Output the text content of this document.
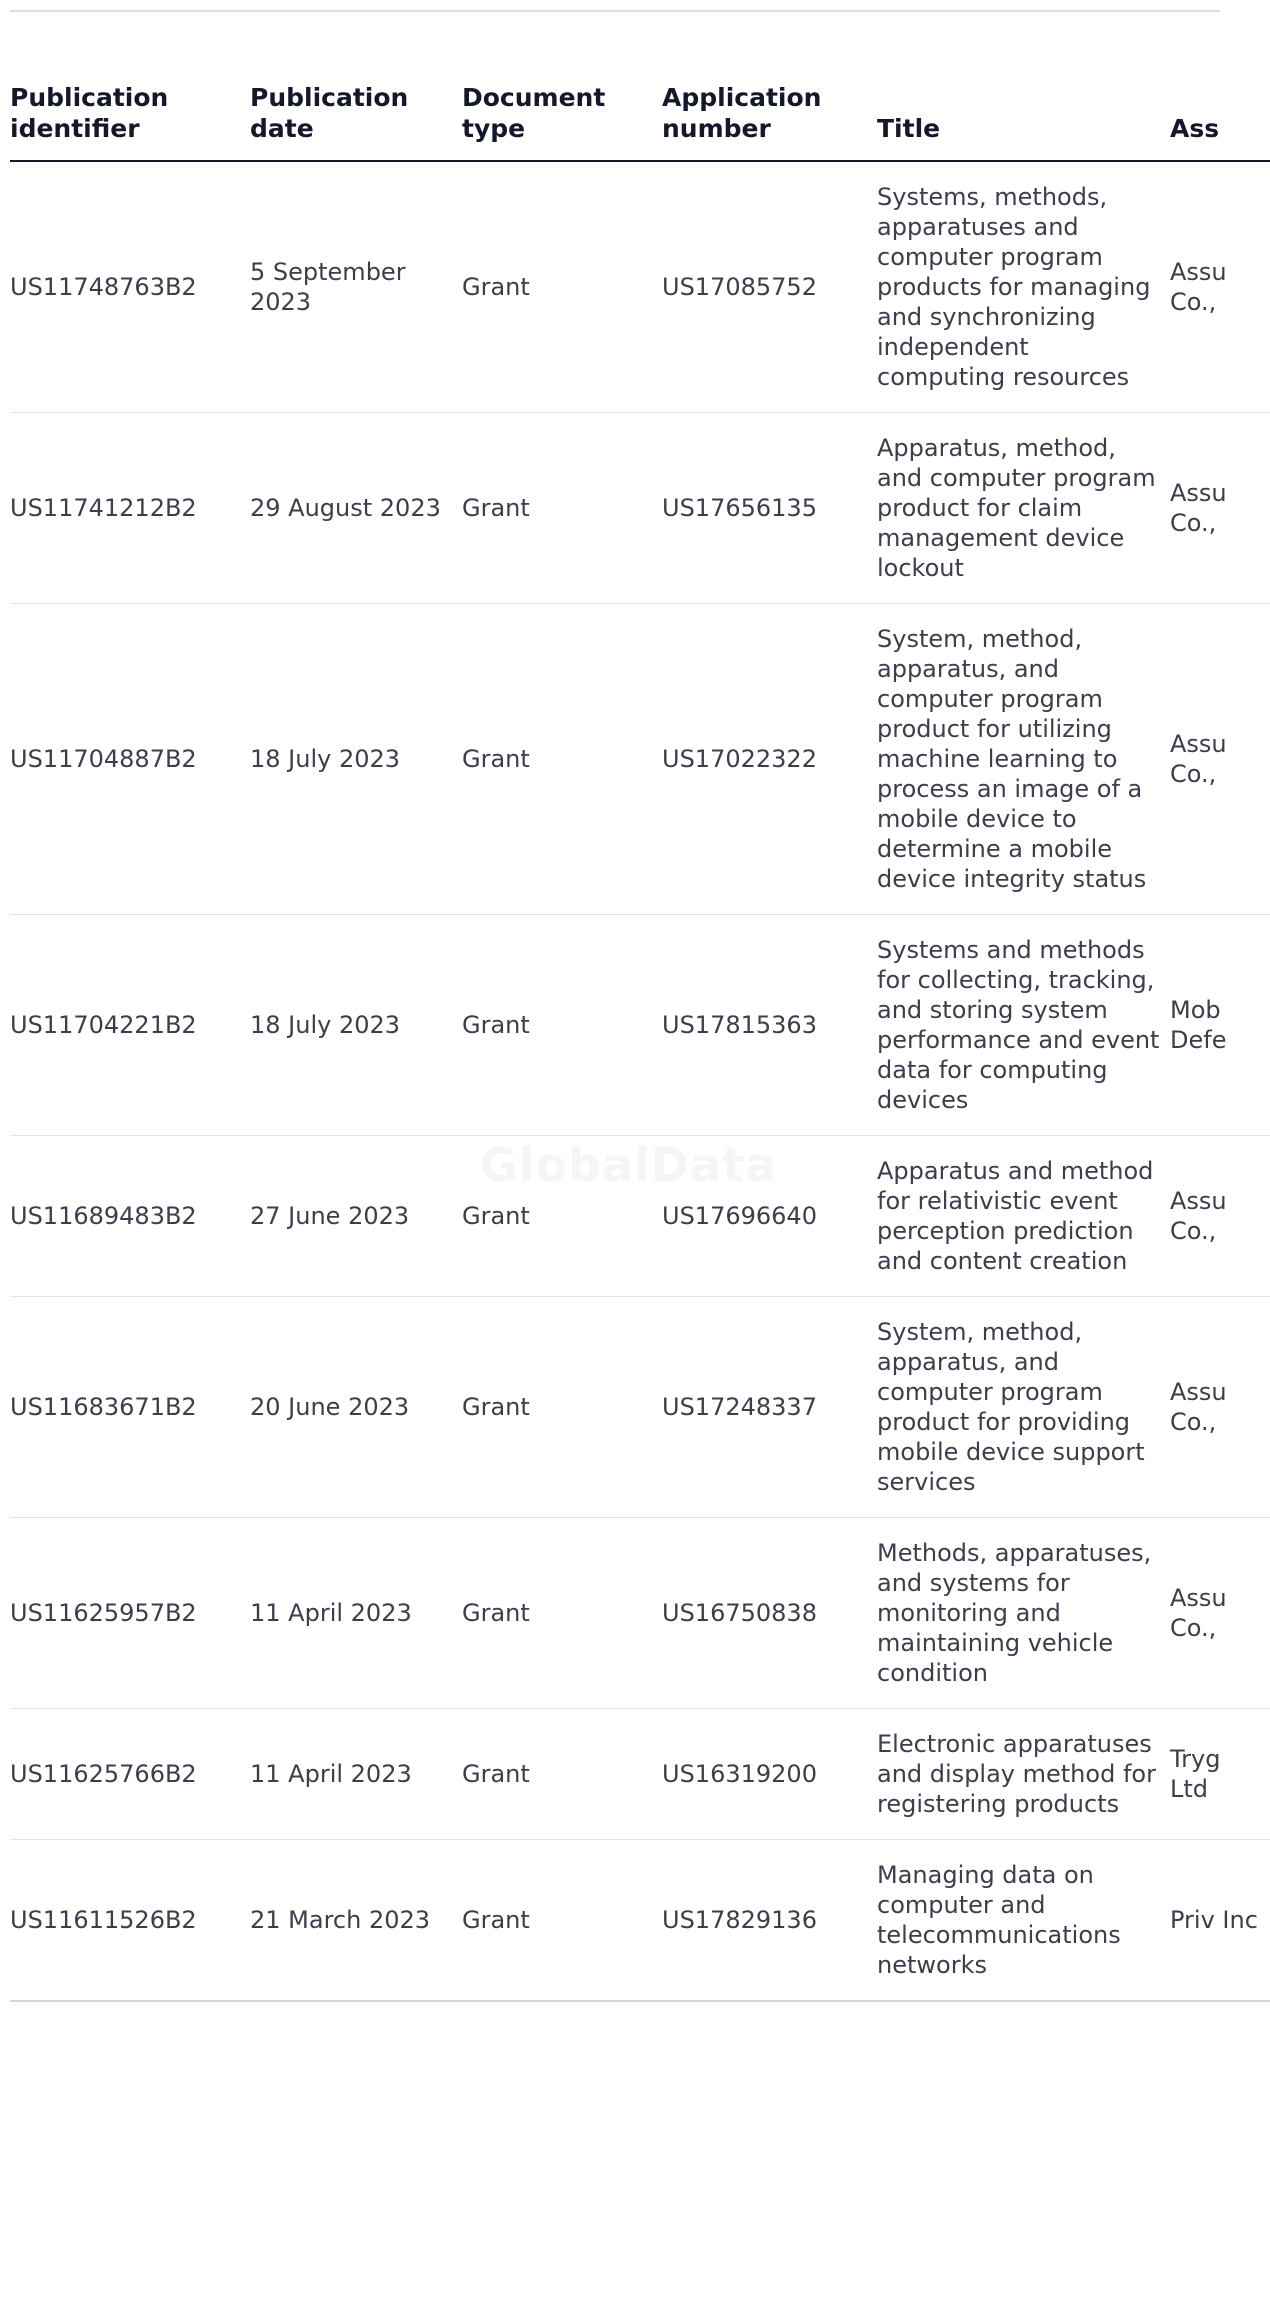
Publication identifier	Publication date	Document type	Application number	Title	Ass
US11748763B2	5 September 2023	Grant	US17085752	Systems, methods, apparatuses and computer program products for managing and synchronizing independent computing resources	Assu Co.,
US11741212B2	29 August 2023	Grant	US17656135	Apparatus, method, and computer program product for claim management device lockout	Assu Co.,
US11704887B2	18 July 2023	Grant	US17022322	System, method, apparatus, and computer program product for utilizing machine learning to process an image of a mobile device to determine a mobile device integrity status	Assu Co.,
US11704221B2	18 July 2023	Grant	US17815363	Systems and methods for collecting, tracking, and storing system performance and event data for computing devices	Mob Defe
US11689483B2	27 June 2023	Grant	US17696640	Apparatus and method for relativistic event perception prediction and content creation	Assu Co.,
US11683671B2	20 June 2023	Grant	US17248337	System, method, apparatus, and computer program product for providing mobile device support services	Assu Co.,
US11625957B2	11 April 2023	Grant	US16750838	Methods, apparatuses, and systems for monitoring and maintaining vehicle condition	Assu Co.,
US11625766B2	11 April 2023	Grant	US16319200	Electronic apparatuses and display method for registering products	Tryg Ltd
US11611526B2	21 March 2023	Grant	US17829136	Managing data on computer and telecommunications networks	Priv Inc
